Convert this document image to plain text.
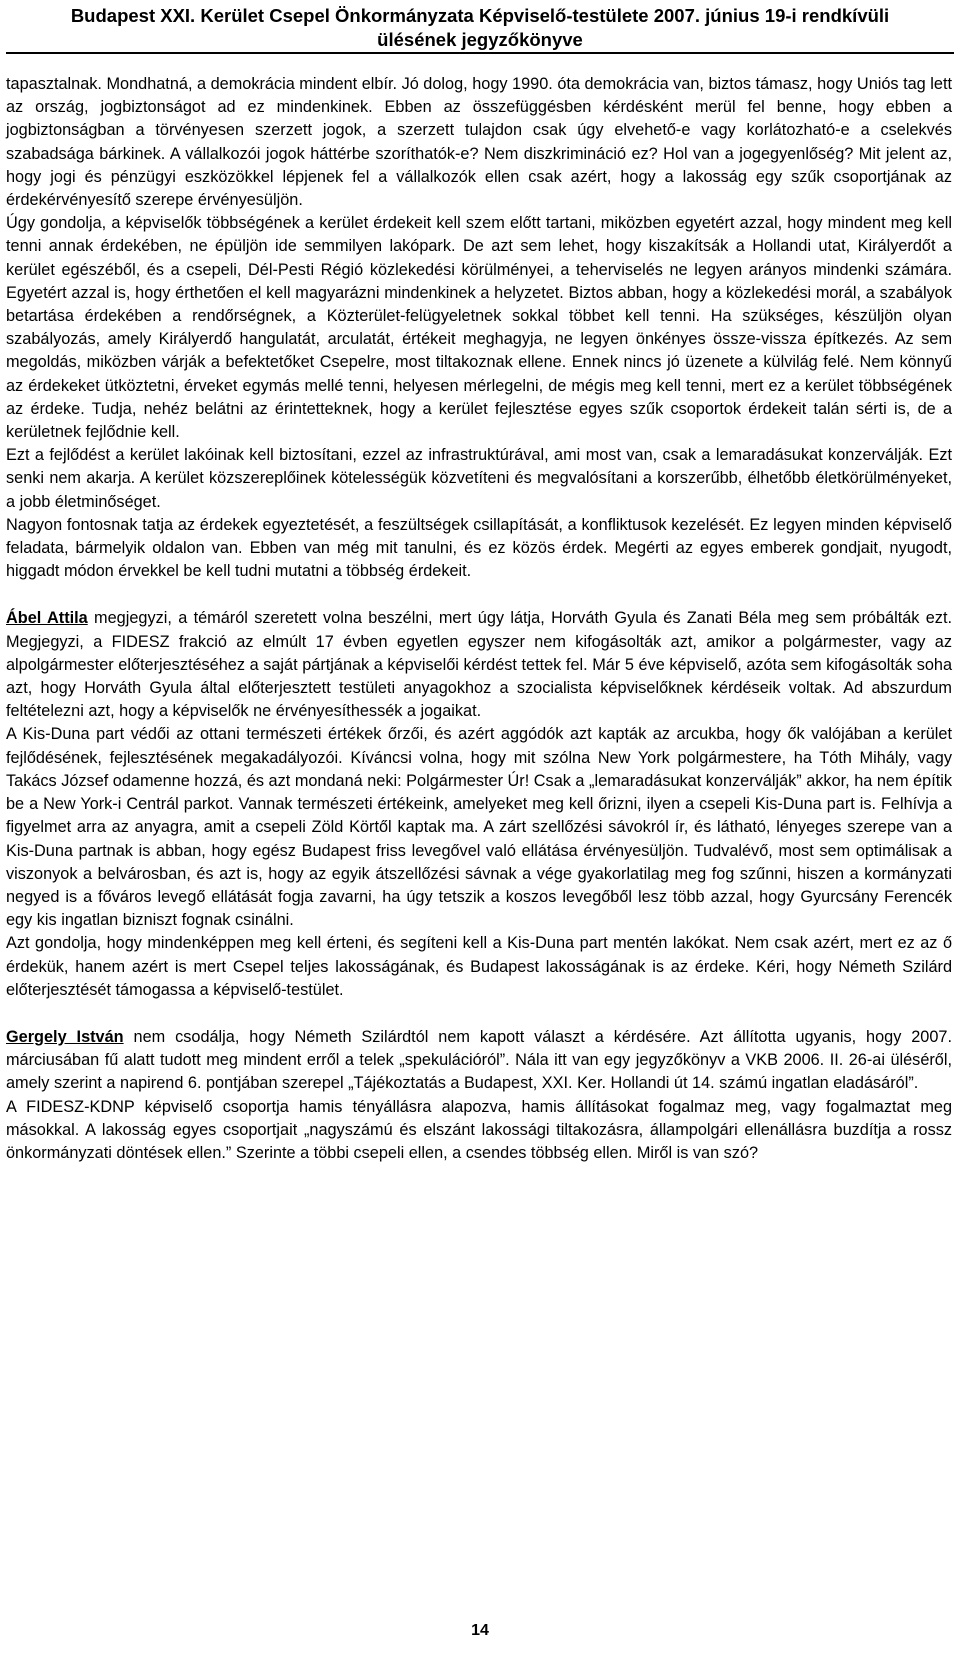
Budapest XXI. Kerület Csepel Önkormányzata Képviselő-testülete 2007. június 19-i rendkívüli
ülésének jegyzőkönyve

tapasztalnak. Mondhatná, a demokrácia mindent elbír. Jó dolog, hogy 1990. óta demokrácia van, biztos támasz, hogy Uniós tag lett az ország, jogbiztonságot ad ez mindenkinek. Ebben az összefüggésben kérdésként merül fel benne, hogy ebben a jogbiztonságban a törvényesen szerzett jogok, a szerzett tulajdon csak úgy elvehető-e vagy korlátozható-e a cselekvés szabadsága bárkinek. A vállalkozói jogok háttérbe szoríthatók-e? Nem diszkrimináció ez? Hol van a jogegyenlőség? Mit jelent az, hogy jogi és pénzügyi eszközökkel lépjenek fel a vállalkozók ellen csak azért, hogy a lakosság egy szűk csoportjának az érdekérvényesítő szerepe érvényesüljön.

Úgy gondolja, a képviselők többségének a kerület érdekeit kell szem előtt tartani, miközben egyetért azzal, hogy mindent meg kell tenni annak érdekében, ne épüljön ide semmilyen lakópark. De azt sem lehet, hogy kiszakítsák a Hollandi utat, Királyerdőt a kerület egészéből, és a csepeli, Dél-Pesti Régió közlekedési körülményei, a teherviselés ne legyen arányos mindenki számára. Egyetért azzal is, hogy érthetően el kell magyarázni mindenkinek a helyzetet. Biztos abban, hogy a közlekedési morál, a szabályok betartása érdekében a rendőrségnek, a Közterület-felügyeletnek sokkal többet kell tenni. Ha szükséges, készüljön olyan szabályozás, amely Királyerdő hangulatát, arculatát, értékeit meghagyja, ne legyen önkényes össze-vissza építkezés. Az sem megoldás, miközben várják a befektetőket Csepelre, most tiltakoznak ellene. Ennek nincs jó üzenete a külvilág felé. Nem könnyű az érdekeket ütköztetni, érveket egymás mellé tenni, helyesen mérlegelni, de mégis meg kell tenni, mert ez a kerület többségének az érdeke. Tudja, nehéz belátni az érintetteknek, hogy a kerület fejlesztése egyes szűk csoportok érdekeit talán sérti is, de a kerületnek fejlődnie kell.

Ezt a fejlődést a kerület lakóinak kell biztosítani, ezzel az infrastruktúrával, ami most van, csak a lemaradásukat konzerválják. Ezt senki nem akarja. A kerület közszereplőinek kötelességük közvetíteni és megvalósítani a korszerűbb, élhetőbb életkörülményeket, a jobb életminőséget.

Nagyon fontosnak tatja az érdekek egyeztetését, a feszültségek csillapítását, a konfliktusok kezelését. Ez legyen minden képviselő feladata, bármelyik oldalon van. Ebben van még mit tanulni, és ez közös érdek. Megérti az egyes emberek gondjait, nyugodt, higgadt módon érvekkel be kell tudni mutatni a többség érdekeit.

Ábel Attila megjegyzi, a témáról szeretett volna beszélni, mert úgy látja, Horváth Gyula és Zanati Béla meg sem próbálták ezt. Megjegyzi, a FIDESZ frakció az elmúlt 17 évben egyetlen egyszer nem kifogásolták azt, amikor a polgármester, vagy az alpolgármester előterjesztéséhez a saját pártjának a képviselői kérdést tettek fel. Már 5 éve képviselő, azóta sem kifogásolták soha azt, hogy Horváth Gyula által előterjesztett testületi anyagokhoz a szocialista képviselőknek kérdéseik voltak. Ad abszurdum feltételezni azt, hogy a képviselők ne érvényesíthessék a jogaikat.

A Kis-Duna part védői az ottani természeti értékek őrzői, és azért aggódók azt kapták az arcukba, hogy ők valójában a kerület fejlődésének, fejlesztésének megakadályozói. Kíváncsi volna, hogy mit szólna New York polgármestere, ha Tóth Mihály, vagy Takács József odamenne hozzá, és azt mondaná neki: Polgármester Úr! Csak a „lemaradásukat konzerválják” akkor, ha nem építik be a New York-i Centrál parkot. Vannak természeti értékeink, amelyeket meg kell őrizni, ilyen a csepeli Kis-Duna part is. Felhívja a figyelmet arra az anyagra, amit a csepeli Zöld Körtől kaptak ma. A zárt szellőzési sávokról ír, és látható, lényeges szerepe van a Kis-Duna partnak is abban, hogy egész Budapest friss levegővel való ellátása érvényesüljön. Tudvalévő, most sem optimálisak a viszonyok a belvárosban, és azt is, hogy az egyik átszellőzési sávnak a vége gyakorlatilag meg fog szűnni, hiszen a kormányzati negyed is a főváros levegő ellátását fogja zavarni, ha úgy tetszik a koszos levegőből lesz több azzal, hogy Gyurcsány Ferencék egy kis ingatlan bizniszt fognak csinálni.

Azt gondolja, hogy mindenképpen meg kell érteni, és segíteni kell a Kis-Duna part mentén lakókat. Nem csak azért, mert ez az ő érdekük, hanem azért is mert Csepel teljes lakosságának, és Budapest lakosságának is az érdeke. Kéri, hogy Németh Szilárd előterjesztését támogassa a képviselő-testület.

Gergely István nem csodálja, hogy Németh Szilárdtól nem kapott választ a kérdésére. Azt állította ugyanis, hogy 2007. márciusában fű alatt tudott meg mindent erről a telek „spekulációról”. Nála itt van egy jegyzőkönyv a VKB 2006. II. 26-ai üléséről, amely szerint a napirend 6. pontjában szerepel „Tájékoztatás a Budapest, XXI. Ker. Hollandi út 14. számú ingatlan eladásáról”.

A FIDESZ-KDNP képviselő csoportja hamis tényállásra alapozva, hamis állításokat fogalmaz meg, vagy fogalmaztat meg másokkal. A lakosság egyes csoportjait „nagyszámú és elszánt lakossági tiltakozásra, állampolgári ellenállásra buzdítja a rossz önkormányzati döntések ellen.” Szerinte a többi csepeli ellen, a csendes többség ellen. Miről is van szó?

14
